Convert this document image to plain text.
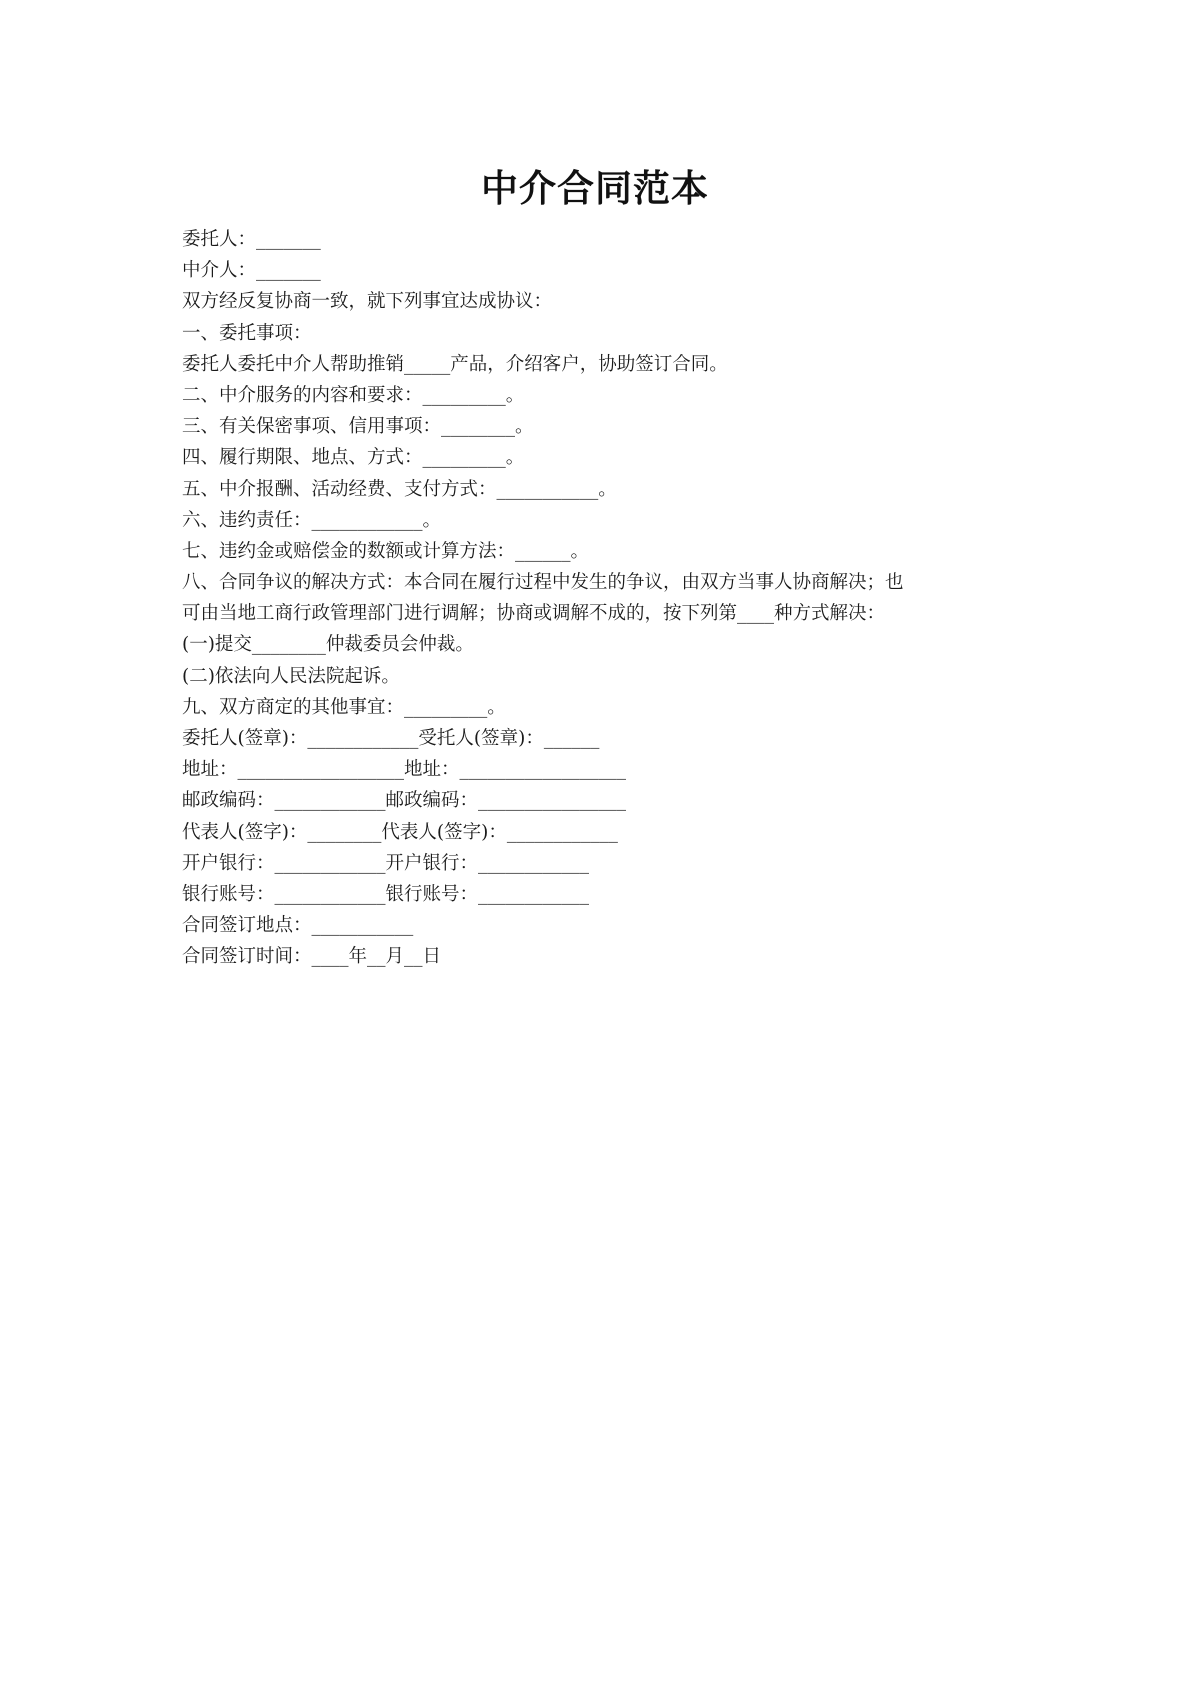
中介合同范本
委托人：_______
中介人：_______
双方经反复协商一致，就下列事宜达成协议：
一、委托事项：
委托人委托中介人帮助推销_____产品，介绍客户，协助签订合同。
二、中介服务的内容和要求：_________。
三、有关保密事项、信用事项：________。
四、履行期限、地点、方式：_________。
五、中介报酬、活动经费、支付方式：___________。
六、违约责任：____________。
七、违约金或赔偿金的数额或计算方法：______。
八、合同争议的解决方式：本合同在履行过程中发生的争议，由双方当事人协商解决；也
可由当地工商行政管理部门进行调解；协商或调解不成的，按下列第____种方式解决：
(一)提交________仲裁委员会仲裁。
(二)依法向人民法院起诉。
九、双方商定的其他事宜：_________。
委托人(签章)：____________受托人(签章)：______
地址：__________________地址：__________________
邮政编码：____________邮政编码：________________
代表人(签字)：________代表人(签字)：____________
开户银行：____________开户银行：____________
银行账号：____________银行账号：____________
合同签订地点：___________
合同签订时间：____年__月__日
